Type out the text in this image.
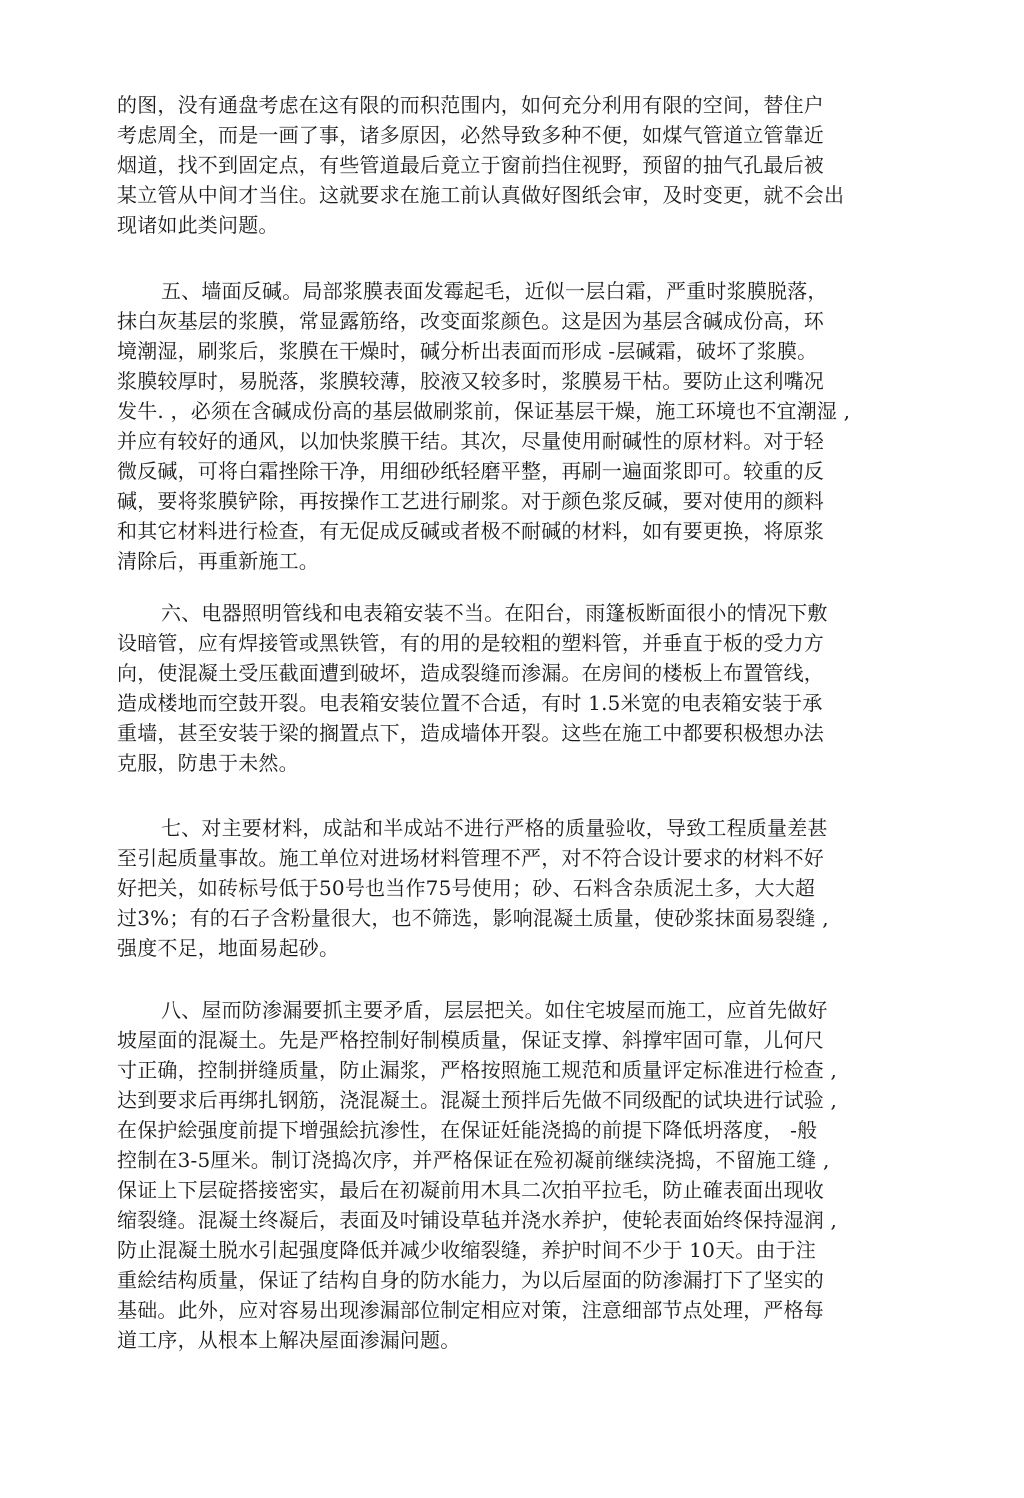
的图，没有通盘考虑在这有限的而积范围内，如何充分利用有限的空间，替住户
考虑周全，而是一画了事，诸多原因，必然导致多种不便，如煤气管道立管靠近
烟道，找不到固定点，有些管道最后竟立于窗前挡住视野，预留的抽气孔最后被
某立管从中间才当住。这就要求在施工前认真做好图纸会审，及时变更，就不会出
现诸如此类问题。
五、墙面反碱。局部浆膜表面发霉起毛，近似一层白霜，严重时浆膜脱落，
抹白灰基层的浆膜，常显露筋络，改变面浆颜色。这是因为基层含碱成份高，环
境潮湿，刷浆后，浆膜在干燥时，碱分析出表面而形成 -层碱霜，破坏了浆膜。
浆膜较厚时，易脱落，浆膜较薄，胶液又较多时，浆膜易干枯。要防止这利嘴况
发牛. ，必须在含碱成份高的基层做刷浆前，保证基层干燥，施工环境也不宜潮湿 ,
并应有较好的通风，以加快浆膜干结。其次，尽量使用耐碱性的原材料。对于轻
微反碱，可将白霜挫除干净，用细砂纸轻磨平整，再刷一遍面浆即可。较重的反
碱，要将浆膜铲除，再按操作工艺进行刷浆。对于颜色浆反碱，要对使用的颜料
和其它材料进行检查，有无促成反碱或者极不耐碱的材料，如有要更换，将原浆
清除后，再重新施工。
六、电器照明管线和电表箱安装不当。在阳台，雨篷板断面很小的情况下敷
设暗管，应有焊接管或黑铁管，有的用的是较粗的塑料管，并垂直于板的受力方
向，使混凝土受压截面遭到破坏，造成裂缝而渗漏。在房间的楼板上布置管线，
造成楼地而空鼓开裂。电表箱安装位置不合适，有时 1.5米宽的电表箱安装于承
重墙，甚至安装于梁的搁置点下，造成墙体开裂。这些在施工中都要积极想办法
克服，防患于未然。
七、对主要材料，成詁和半成站不进行严格的质量验收，导致工程质量差甚
至引起质量事故。施工单位对进场材料管理不严，对不符合设计要求的材料不好
好把关，如砖标号低于50号也当作75号使用；砂、石料含杂质泥土多，大大超
过3%；有的石子含粉量很大，也不筛选，影响混凝土质量，使砂浆抹面易裂缝 ,
强度不足，地面易起砂。
八、屋而防渗漏要抓主要矛盾，层层把关。如住宅坡屋而施工，应首先做好
坡屋面的混凝土。先是严格控制好制模质量，保证支撑、斜撑牢固可靠，儿何尺
寸正确，控制拼缝质量，防止漏浆，严格按照施工规范和质量评定标准进行检查 ,
达到要求后再绑扎钢筋，浇混凝土。混凝土预拌后先做不同级配的试块进行试验 ,
在保护絵强度前提下增强絵抗渗性，在保证妊能浇捣的前提下降低坍落度， -般
控制在3-5厘米。制订浇捣次序，并严格保证在殓初凝前继续浇捣，不留施工缝 ,
保证上下层碇搭接密实，最后在初凝前用木具二次拍平拉毛，防止確表面出现收
缩裂缝。混凝土终凝后，表面及吋铺设草毡并浇水养护，使轮表面始终保持湿润 ,
防止混凝土脱水引起强度降低并减少收缩裂缝，养护时间不少于 10天。由于注
重絵结构质量，保证了结构自身的防水能力，为以后屋面的防渗漏打下了坚实的
基础。此外，应对容易出现渗漏部位制定相应对策，注意细部节点处理，严格每
道工序，从根本上解决屋面渗漏问题。
